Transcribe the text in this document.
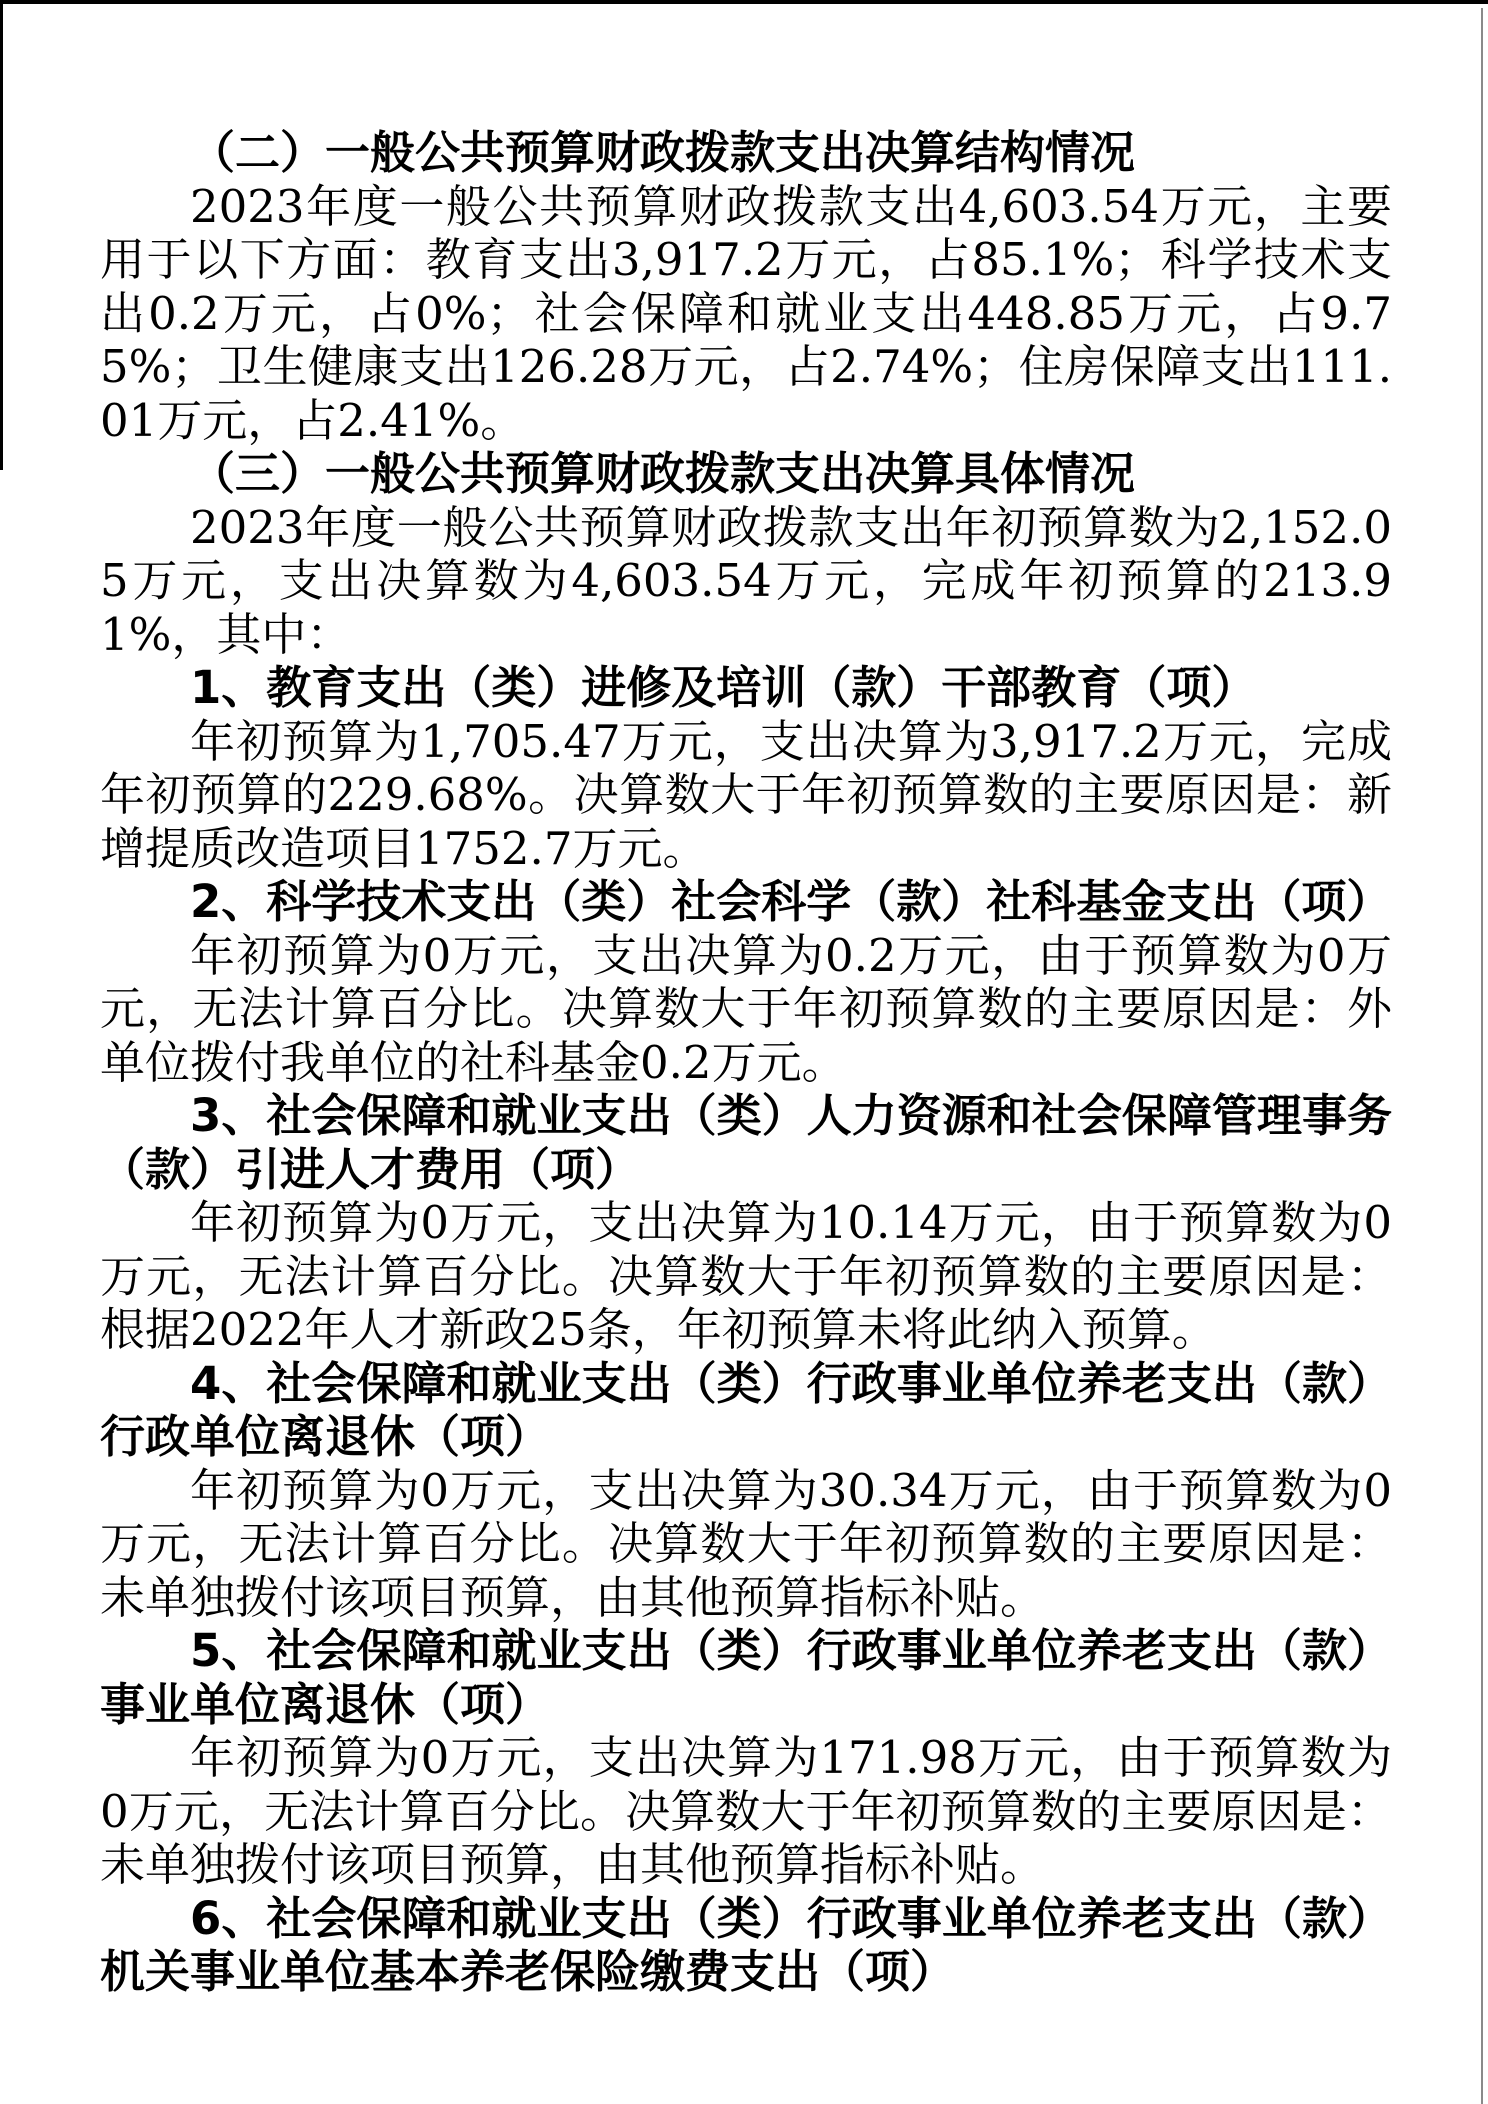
（二）一般公共预算财政拨款支出决算结构情况

2023年度一般公共预算财政拨款支出4,603.54万元，主要用于以下方面：教育支出3,917.2万元，占85.1%；科学技术支出0.2万元，占0%；社会保障和就业支出448.85万元，占9.75%；卫生健康支出126.28万元，占2.74%；住房保障支出111.01万元，占2.41%。

（三）一般公共预算财政拨款支出决算具体情况

2023年度一般公共预算财政拨款支出年初预算数为2,152.05万元，支出决算数为4,603.54万元，完成年初预算的213.91%，其中：

1、教育支出（类）进修及培训（款）干部教育（项）

年初预算为1,705.47万元，支出决算为3,917.2万元，完成年初预算的229.68%。决算数大于年初预算数的主要原因是：新增提质改造项目1752.7万元。

2、科学技术支出（类）社会科学（款）社科基金支出（项）

年初预算为0万元，支出决算为0.2万元，由于预算数为0万元，无法计算百分比。决算数大于年初预算数的主要原因是：外单位拨付我单位的社科基金0.2万元。

3、社会保障和就业支出（类）人力资源和社会保障管理事务（款）引进人才费用（项）

年初预算为0万元，支出决算为10.14万元，由于预算数为0万元，无法计算百分比。决算数大于年初预算数的主要原因是：根据2022年人才新政25条，年初预算未将此纳入预算。

4、社会保障和就业支出（类）行政事业单位养老支出（款）行政单位离退休（项）

年初预算为0万元，支出决算为30.34万元，由于预算数为0万元，无法计算百分比。决算数大于年初预算数的主要原因是：未单独拨付该项目预算，由其他预算指标补贴。

5、社会保障和就业支出（类）行政事业单位养老支出（款）事业单位离退休（项）

年初预算为0万元，支出决算为171.98万元，由于预算数为0万元，无法计算百分比。决算数大于年初预算数的主要原因是：未单独拨付该项目预算，由其他预算指标补贴。

6、社会保障和就业支出（类）行政事业单位养老支出（款）机关事业单位基本养老保险缴费支出（项）
